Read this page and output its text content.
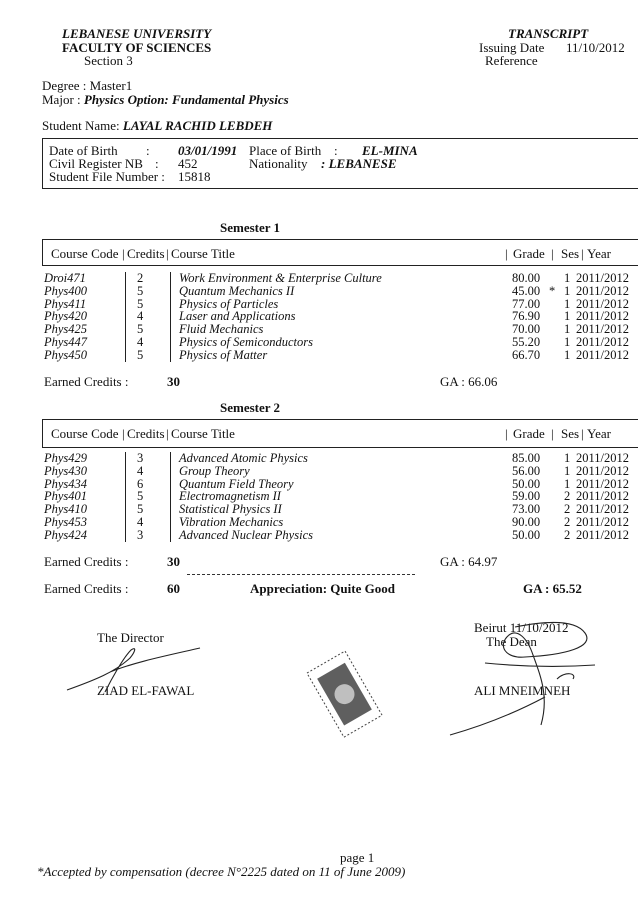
LEBANESE UNIVERSITY
FACULTY OF SCIENCES
Section 3
TRANSCRIPT
Issuing Date 11/10/2012
Reference
Degree : Master1
Major : Physics Option: Fundamental Physics
Student Name: LAYAL RACHID LEBDEH
Date of Birth : 03/01/1991
Civil Register NB : 452
Student File Number : 15818
Place of Birth : EL-MINA
Nationality : LEBANESE
Semester 1
Course Code | Credits | Course Title	| Grade | Ses | Year
Droi471	2	Work Environment & Enterprise Culture	80.00 1 2011/2012
Phys400	5	Quantum Mechanics II	45.00 * 1 2011/2012
Phys411	5	Physics of Particles	77.00 1 2011/2012
Phys420	4	Laser and Applications	76.90 1 2011/2012
Phys425	5	Fluid Mechanics	70.00 1 2011/2012
Phys447	4	Physics of Semiconductors	55.20 1 2011/2012
Phys450	5	Physics of Matter	66.70 1 2011/2012
Earned Credits :	30	GA : 66.06
Semester 2
Course Code | Credits | Course Title	| Grade | Ses | Year
Phys429	3	Advanced Atomic Physics	85.00 1 2011/2012
Phys430	4	Group Theory	56.00 1 2011/2012
Phys434	6	Quantum Field Theory	50.00 1 2011/2012
Phys401	5	Electromagnetism II	59.00 2 2011/2012
Phys410	5	Statistical Physics II	73.00 2 2011/2012
Phys453	4	Vibration Mechanics	90.00 2 2011/2012
Phys424	3	Advanced Nuclear Physics	50.00 2 2011/2012
Earned Credits :	30	GA : 64.97
Earned Credits :	60	Appreciation: Quite Good	GA : 65.52
The Director
ZIAD EL-FAWAL
Beirut 11/10/2012
The Dean
ALI MNEIMNEH
page 1
*Accepted by compensation (decree N°2225 dated on 11 of June 2009)
